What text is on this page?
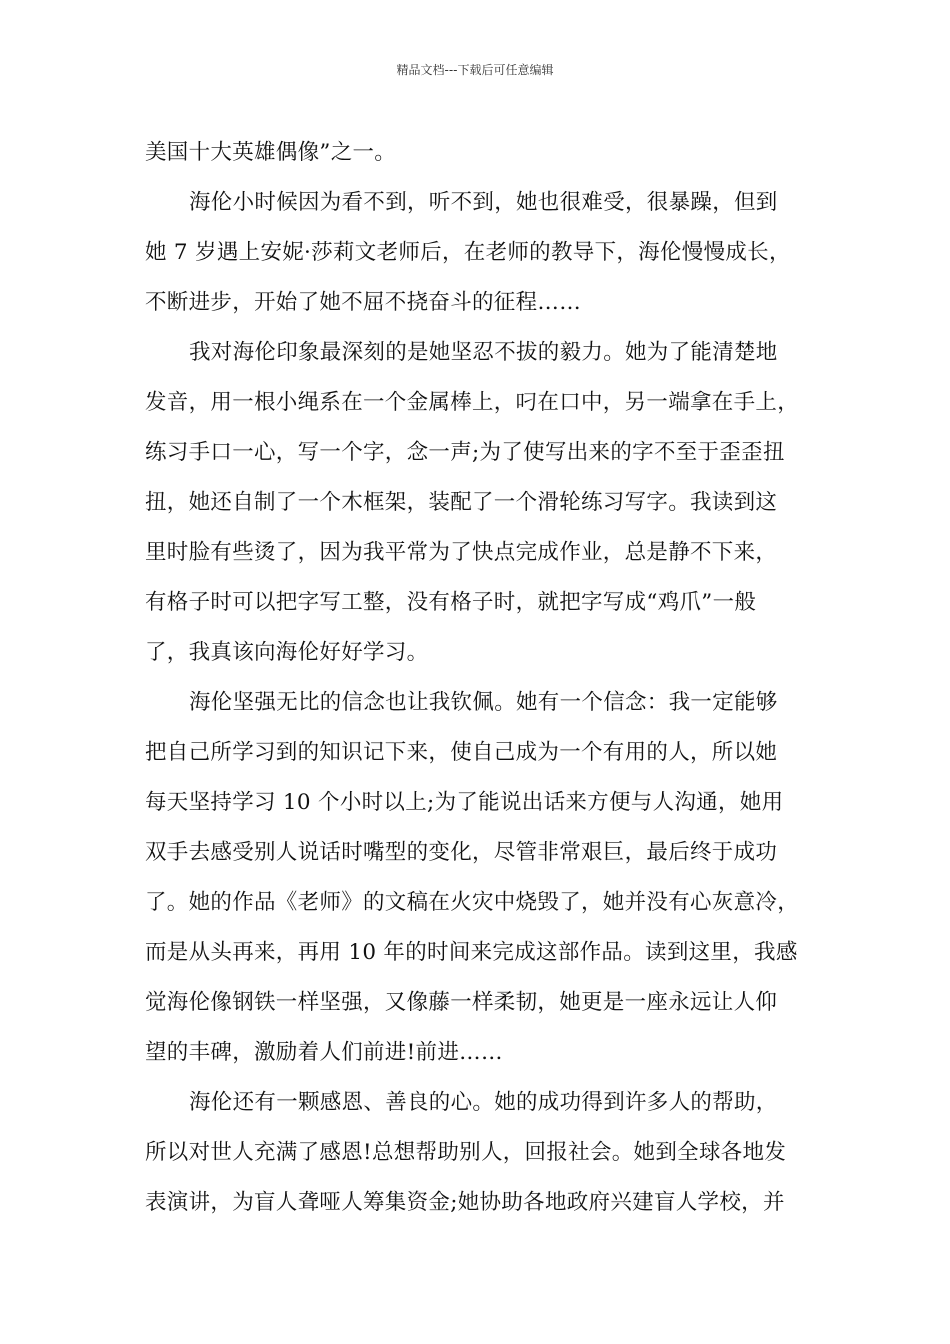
精品文档---下载后可任意编辑
美国十大英雄偶像”之一。
海伦小时候因为看不到，听不到，她也很难受，很暴躁，但到
她 7 岁遇上安妮·莎莉文老师后，在老师的教导下，海伦慢慢成长，
不断进步，开始了她不屈不挠奋斗的征程……
我对海伦印象最深刻的是她坚忍不拔的毅力。她为了能清楚地
发音，用一根小绳系在一个金属棒上，叼在口中，另一端拿在手上，
练习手口一心，写一个字，念一声;为了使写出来的字不至于歪歪扭
扭，她还自制了一个木框架，装配了一个滑轮练习写字。我读到这
里时脸有些烫了，因为我平常为了快点完成作业，总是静不下来，
有格子时可以把字写工整，没有格子时，就把字写成“鸡爪”一般
了，我真该向海伦好好学习。
海伦坚强无比的信念也让我钦佩。她有一个信念：我一定能够
把自己所学习到的知识记下来，使自己成为一个有用的人，所以她
每天坚持学习 10 个小时以上;为了能说出话来方便与人沟通，她用
双手去感受别人说话时嘴型的变化，尽管非常艰巨，最后终于成功
了。她的作品《老师》的文稿在火灾中烧毁了，她并没有心灰意冷，
而是从头再来，再用 10 年的时间来完成这部作品。读到这里，我感
觉海伦像钢铁一样坚强，又像藤一样柔韧，她更是一座永远让人仰
望的丰碑，激励着人们前进!前进……
海伦还有一颗感恩、善良的心。她的成功得到许多人的帮助，
所以对世人充满了感恩!总想帮助别人，回报社会。她到全球各地发
表演讲，为盲人聋哑人筹集资金;她协助各地政府兴建盲人学校，并
